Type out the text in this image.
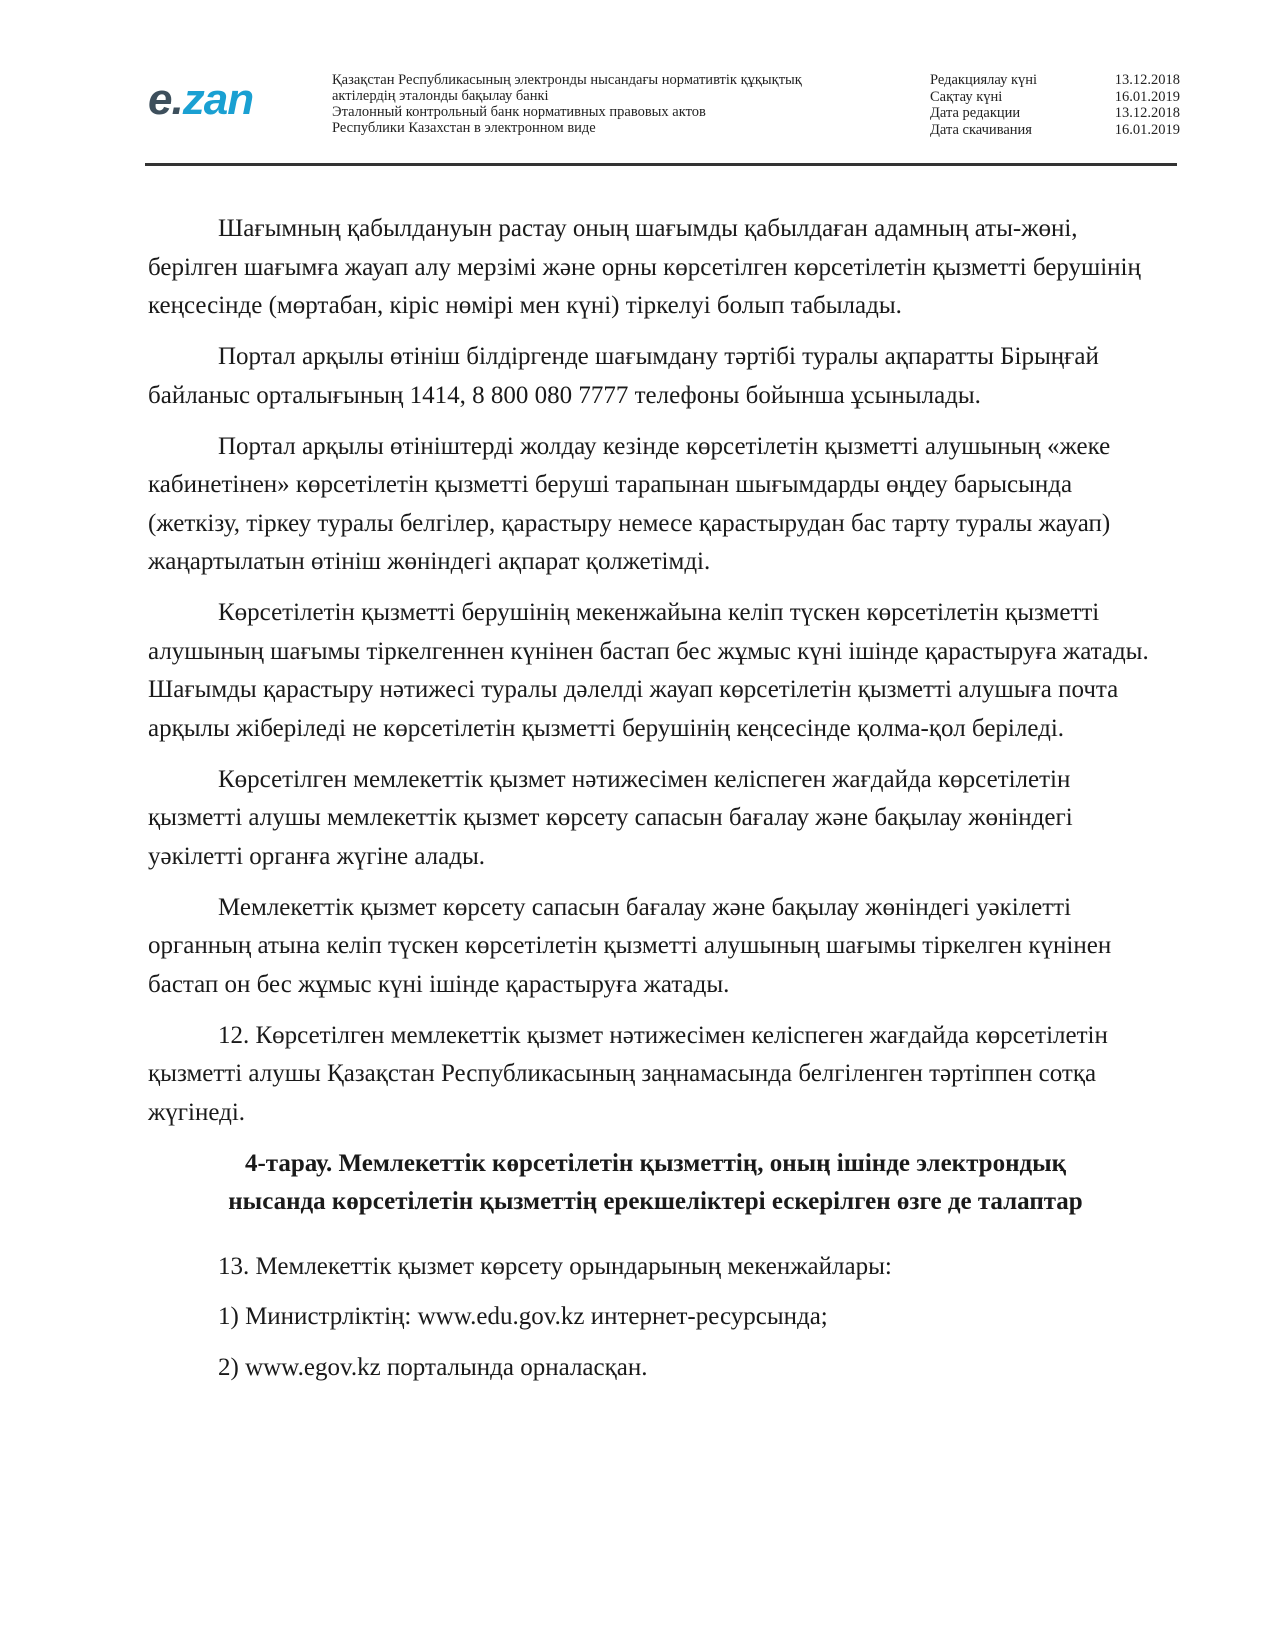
e.zan	Қазақстан Республикасының электронды нысандағы нормативтік құқықтық
актілердің эталонды бақылау банкі
Эталонный контрольный банк нормативных правовых актов
Республики Казахстан в электронном виде
Редакциялау күні	13.12.2018
Сақтау күні	16.01.2019
Дата редакции	13.12.2018
Дата скачивания	16.01.2019

Шағымның қабылдануын растау оның шағымды қабылдаған адамның аты-жөні, берілген шағымға жауап алу мерзімі және орны көрсетілген көрсетілетін қызметті берушінің кеңсесінде (мөртабан, кіріс нөмірі мен күні) тіркелуі болып табылады.

Портал арқылы өтініш білдіргенде шағымдану тәртібі туралы ақпаратты Бірыңғай байланыс орталығының 1414, 8 800 080 7777 телефоны бойынша ұсынылады.

Портал арқылы өтініштерді жолдау кезінде көрсетілетін қызметті алушының «жеке кабинетінен» көрсетілетін қызметті беруші тарапынан шығымдарды өңдеу барысында (жеткізу, тіркеу туралы белгілер, қарастыру немесе қарастырудан бас тарту туралы жауап) жаңартылатын өтініш жөніндегі ақпарат қолжетімді.

Көрсетілетін қызметті берушінің мекенжайына келіп түскен көрсетілетін қызметті алушының шағымы тіркелгеннен күнінен бастап бес жұмыс күні ішінде қарастыруға жатады. Шағымды қарастыру нәтижесі туралы дәлелді жауап көрсетілетін қызметті алушыға почта арқылы жіберіледі не көрсетілетін қызметті берушінің кеңсесінде қолма-қол беріледі.

Көрсетілген мемлекеттік қызмет нәтижесімен келіспеген жағдайда көрсетілетін қызметті алушы мемлекеттік қызмет көрсету сапасын бағалау және бақылау жөніндегі уәкілетті органға жүгіне алады.

Мемлекеттік қызмет көрсету сапасын бағалау және бақылау жөніндегі уәкілетті органның атына келіп түскен көрсетілетін қызметті алушының шағымы тіркелген күнінен бастап он бес жұмыс күні ішінде қарастыруға жатады.

12. Көрсетілген мемлекеттік қызмет нәтижесімен келіспеген жағдайда көрсетілетін қызметті алушы Қазақстан Республикасының заңнамасында белгіленген тәртіппен сотқа жүгінеді.

4-тарау. Мемлекеттік көрсетілетін қызметтің, оның ішінде электрондық
нысанда көрсетілетін қызметтің ерекшеліктері ескерілген өзге де талаптар

13. Мемлекеттік қызмет көрсету орындарының мекенжайлары:

1) Министрліктің: www.edu.gov.kz интернет-ресурсында;

2) www.egov.kz порталында орналасқан.
